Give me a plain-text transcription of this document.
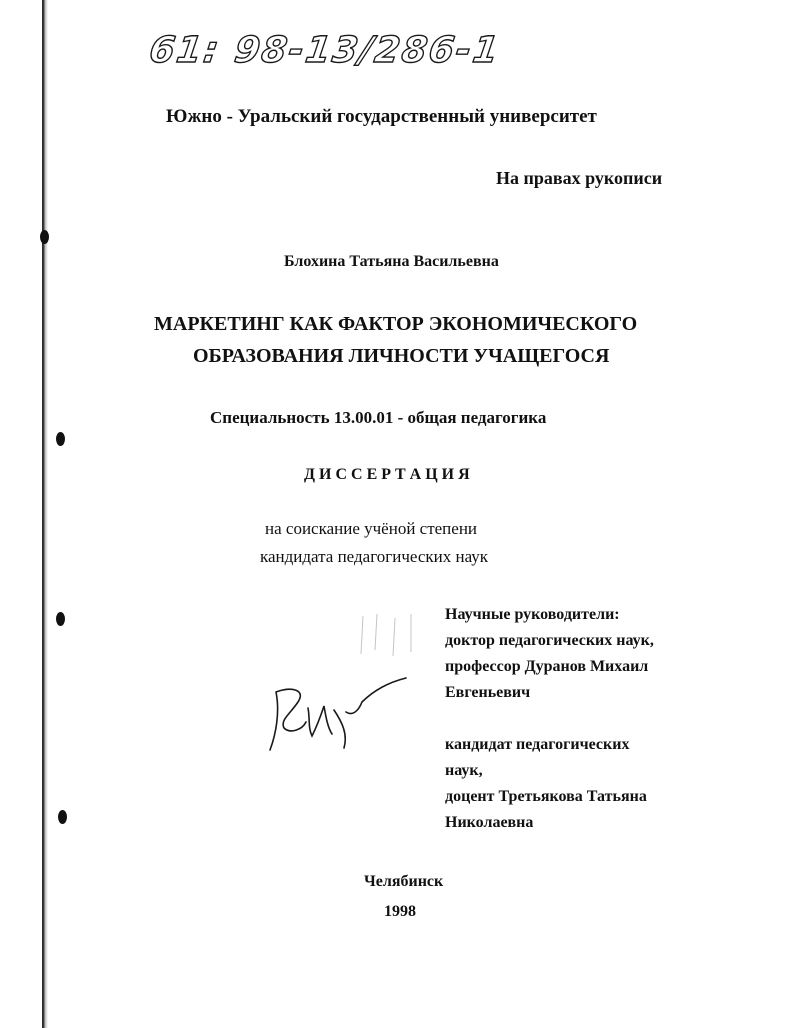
61: 98-13/286-1
Южно - Уральский государственный университет
На правах рукописи
Блохина Татьяна Васильевна
МАРКЕТИНГ КАК ФАКТОР ЭКОНОМИЧЕСКОГО
ОБРАЗОВАНИЯ ЛИЧНОСТИ УЧАЩЕГОСЯ
Специальность 13.00.01 - общая педагогика
Д И С С Е Р Т А Ц И Я
на соискание учёной степени
кандидата педагогических наук
Научные руководители:
доктор педагогических наук,
профессор Дуранов Михаил
Евгеньевич
кандидат педагогических
наук,
доцент Третьякова Татьяна
Николаевна
Челябинск
1998
